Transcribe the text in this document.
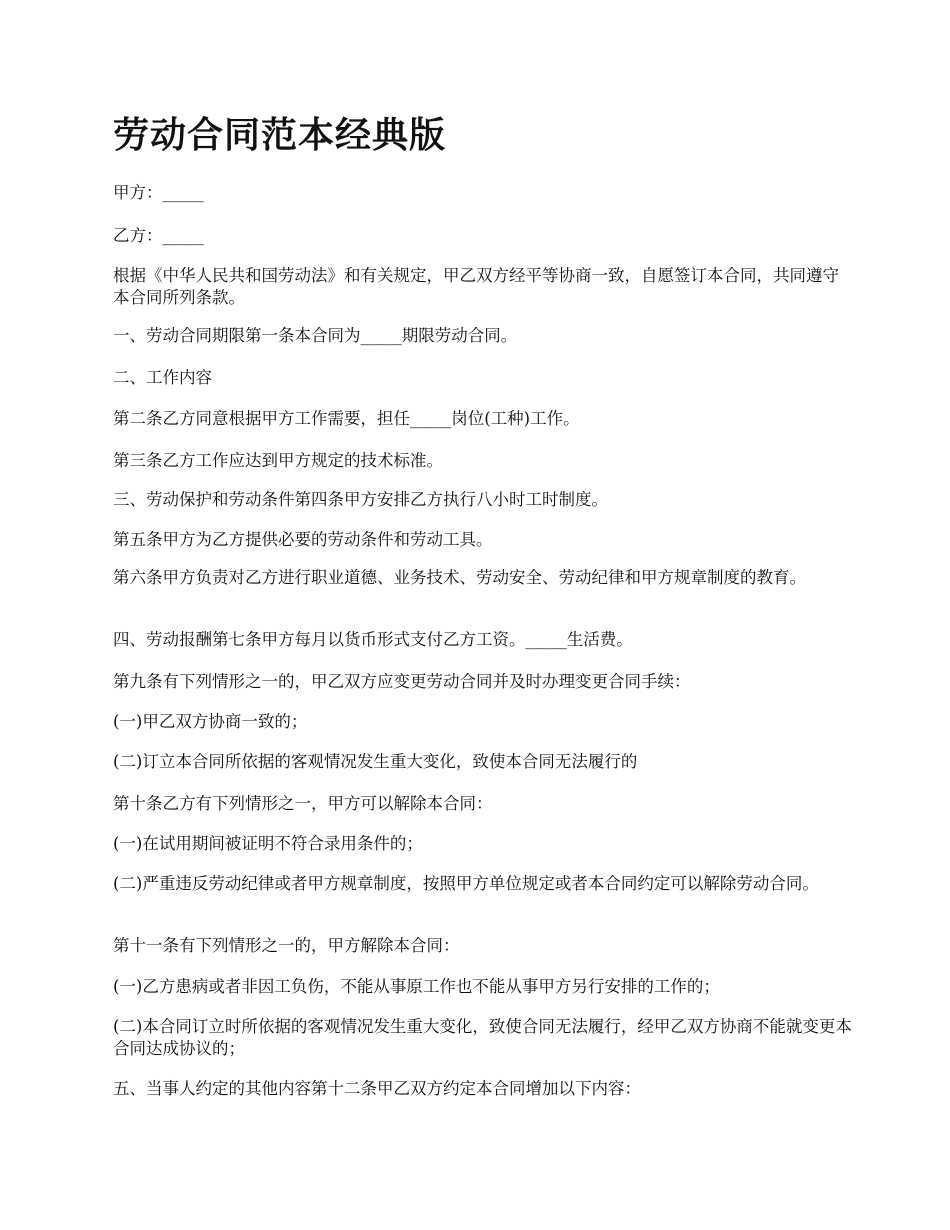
劳动合同范本经典版

甲方：_____

乙方：_____

根据《中华人民共和国劳动法》和有关规定，甲乙双方经平等协商一致，自愿签订本合同，共同遵守本合同所列条款。

一、劳动合同期限第一条本合同为_____期限劳动合同。

二、工作内容

第二条乙方同意根据甲方工作需要，担任_____岗位(工种)工作。

第三条乙方工作应达到甲方规定的技术标准。

三、劳动保护和劳动条件第四条甲方安排乙方执行八小时工时制度。

第五条甲方为乙方提供必要的劳动条件和劳动工具。

第六条甲方负责对乙方进行职业道德、业务技术、劳动安全、劳动纪律和甲方规章制度的教育。

四、劳动报酬第七条甲方每月以货币形式支付乙方工资。_____生活费。

第九条有下列情形之一的，甲乙双方应变更劳动合同并及时办理变更合同手续：

(一)甲乙双方协商一致的；

(二)订立本合同所依据的客观情况发生重大变化，致使本合同无法履行的

第十条乙方有下列情形之一，甲方可以解除本合同：

(一)在试用期间被证明不符合录用条件的；

(二)严重违反劳动纪律或者甲方规章制度，按照甲方单位规定或者本合同约定可以解除劳动合同。

第十一条有下列情形之一的，甲方解除本合同：

(一)乙方患病或者非因工负伤，不能从事原工作也不能从事甲方另行安排的工作的；

(二)本合同订立时所依据的客观情况发生重大变化，致使合同无法履行，经甲乙双方协商不能就变更本合同达成协议的；

五、当事人约定的其他内容第十二条甲乙双方约定本合同增加以下内容：
